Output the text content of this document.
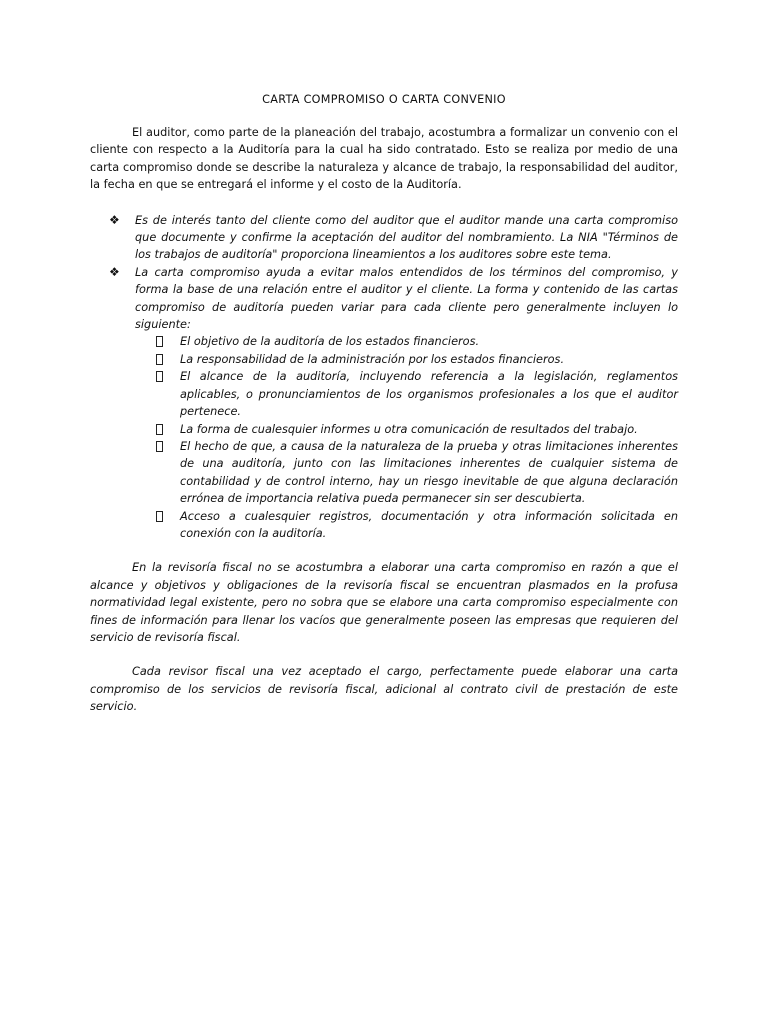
CARTA COMPROMISO O CARTA CONVENIO

El auditor, como parte de la planeación del trabajo, acostumbra a formalizar un convenio con el cliente con respecto a la Auditoría para la cual ha sido contratado. Esto se realiza por medio de una carta compromiso donde se describe la naturaleza y alcance de trabajo, la responsabilidad del auditor, la fecha en que se entregará el informe y el costo de la Auditoría.

❖ Es de interés tanto del cliente como del auditor que el auditor mande una carta compromiso que documente y confirme la aceptación del auditor del nombramiento. La NIA "Términos de los trabajos de auditoría" proporciona lineamientos a los auditores sobre este tema.
❖ La carta compromiso ayuda a evitar malos entendidos de los términos del compromiso, y forma la base de una relación entre el auditor y el cliente. La forma y contenido de las cartas compromiso de auditoría pueden variar para cada cliente pero generalmente incluyen lo siguiente:
El objetivo de la auditoría de los estados financieros.
La responsabilidad de la administración por los estados financieros.
El alcance de la auditoría, incluyendo referencia a la legislación, reglamentos aplicables, o pronunciamientos de los organismos profesionales a los que el auditor pertenece.
La forma de cualesquier informes u otra comunicación de resultados del trabajo.
El hecho de que, a causa de la naturaleza de la prueba y otras limitaciones inherentes de una auditoría, junto con las limitaciones inherentes de cualquier sistema de contabilidad y de control interno, hay un riesgo inevitable de que alguna declaración errónea de importancia relativa pueda permanecer sin ser descubierta.
Acceso a cualesquier registros, documentación y otra información solicitada en conexión con la auditoría.

En la revisoría fiscal no se acostumbra a elaborar una carta compromiso en razón a que el alcance y objetivos y obligaciones de la revisoría fiscal se encuentran plasmados en la profusa normatividad legal existente, pero no sobra que se elabore una carta compromiso especialmente con fines de información para llenar los vacíos que generalmente poseen las empresas que requieren del servicio de revisoría fiscal.

Cada revisor fiscal una vez aceptado el cargo, perfectamente puede elaborar una carta compromiso de los servicios de revisoría fiscal, adicional al contrato civil de prestación de este servicio.
